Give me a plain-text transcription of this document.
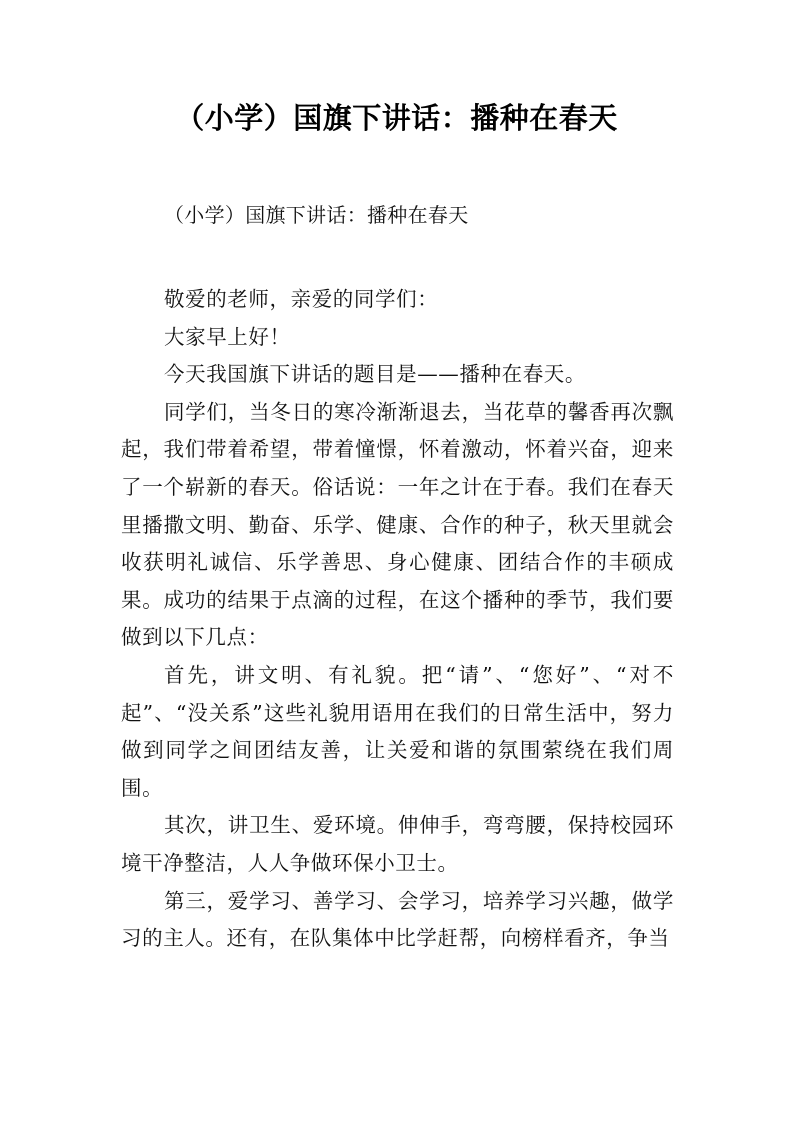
（小学）国旗下讲话：播种在春天
（小学）国旗下讲话：播种在春天

敬爱的老师，亲爱的同学们：

大家早上好！

今天我国旗下讲话的题目是——播种在春天。

同学们，当冬日的寒冷渐渐退去，当花草的馨香再次飘起，我们带着希望，带着憧憬，怀着激动，怀着兴奋，迎来了一个崭新的春天。俗话说：一年之计在于春。我们在春天里播撒文明、勤奋、乐学、健康、合作的种子，秋天里就会收获明礼诚信、乐学善思、身心健康、团结合作的丰硕成果。成功的结果于点滴的过程，在这个播种的季节，我们要做到以下几点：

首先，讲文明、有礼貌。把“请”、“您好”、“对不起”、“没关系”这些礼貌用语用在我们的日常生活中，努力做到同学之间团结友善，让关爱和谐的氛围萦绕在我们周围。

其次，讲卫生、爱环境。伸伸手，弯弯腰，保持校园环境干净整洁，人人争做环保小卫士。

第三，爱学习、善学习、会学习，培养学习兴趣，做学习的主人。还有，在队集体中比学赶帮，向榜样看齐，争当
